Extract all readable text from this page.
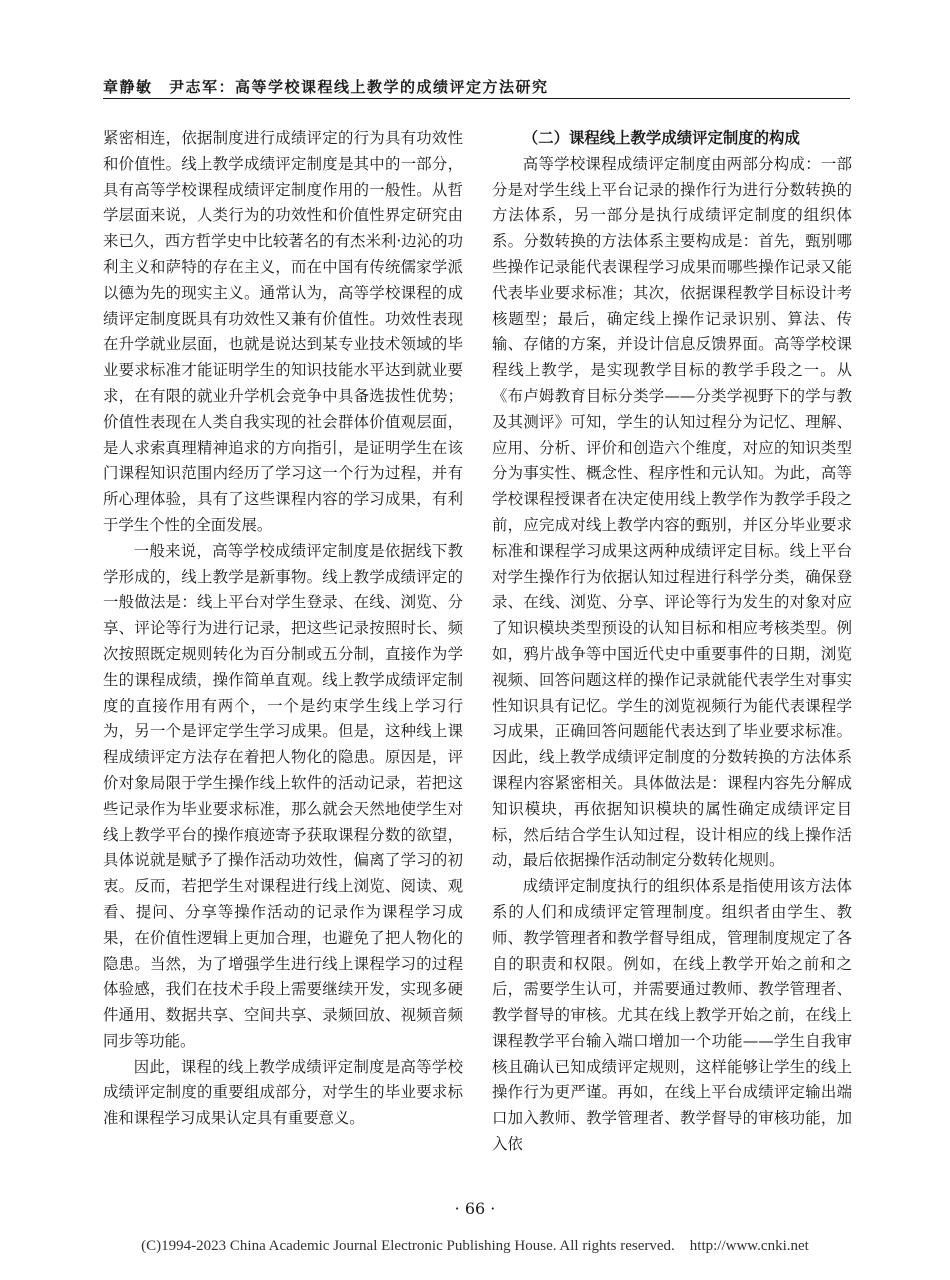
章静敏　尹志军：高等学校课程线上教学的成绩评定方法研究

紧密相连，依据制度进行成绩评定的行为具有功效性和价值性。线上教学成绩评定制度是其中的一部分，具有高等学校课程成绩评定制度作用的一般性。从哲学层面来说，人类行为的功效性和价值性界定研究由来已久，西方哲学史中比较著名的有杰米利·边沁的功利主义和萨特的存在主义，而在中国有传统儒家学派以德为先的现实主义。通常认为，高等学校课程的成绩评定制度既具有功效性又兼有价值性。功效性表现在升学就业层面，也就是说达到某专业技术领域的毕业要求标准才能证明学生的知识技能水平达到就业要求，在有限的就业升学机会竞争中具备选拔性优势；价值性表现在人类自我实现的社会群体价值观层面，是人求索真理精神追求的方向指引，是证明学生在该门课程知识范围内经历了学习这一个行为过程，并有所心理体验，具有了这些课程内容的学习成果，有利于学生个性的全面发展。

一般来说，高等学校成绩评定制度是依据线下教学形成的，线上教学是新事物。线上教学成绩评定的一般做法是：线上平台对学生登录、在线、浏览、分享、评论等行为进行记录，把这些记录按照时长、频次按照既定规则转化为百分制或五分制，直接作为学生的课程成绩，操作简单直观。线上教学成绩评定制度的直接作用有两个，一个是约束学生线上学习行为，另一个是评定学生学习成果。但是，这种线上课程成绩评定方法存在着把人物化的隐患。原因是，评价对象局限于学生操作线上软件的活动记录，若把这些记录作为毕业要求标准，那么就会天然地使学生对线上教学平台的操作痕迹寄予获取课程分数的欲望，具体说就是赋予了操作活动功效性，偏离了学习的初衷。反而，若把学生对课程进行线上浏览、阅读、观看、提问、分享等操作活动的记录作为课程学习成果，在价值性逻辑上更加合理，也避免了把人物化的隐患。当然，为了增强学生进行线上课程学习的过程体验感，我们在技术手段上需要继续开发，实现多硬件通用、数据共享、空间共享、录频回放、视频音频同步等功能。

因此，课程的线上教学成绩评定制度是高等学校成绩评定制度的重要组成部分，对学生的毕业要求标准和课程学习成果认定具有重要意义。

（二）课程线上教学成绩评定制度的构成

高等学校课程成绩评定制度由两部分构成：一部分是对学生线上平台记录的操作行为进行分数转换的方法体系，另一部分是执行成绩评定制度的组织体系。分数转换的方法体系主要构成是：首先，甄别哪些操作记录能代表课程学习成果而哪些操作记录又能代表毕业要求标准；其次，依据课程教学目标设计考核题型；最后，确定线上操作记录识别、算法、传输、存储的方案，并设计信息反馈界面。高等学校课程线上教学，是实现教学目标的教学手段之一。从《布卢姆教育目标分类学——分类学视野下的学与教及其测评》可知，学生的认知过程分为记忆、理解、应用、分析、评价和创造六个维度，对应的知识类型分为事实性、概念性、程序性和元认知。为此，高等学校课程授课者在决定使用线上教学作为教学手段之前，应完成对线上教学内容的甄别，并区分毕业要求标准和课程学习成果这两种成绩评定目标。线上平台对学生操作行为依据认知过程进行科学分类，确保登录、在线、浏览、分享、评论等行为发生的对象对应了知识模块类型预设的认知目标和相应考核类型。例如，鸦片战争等中国近代史中重要事件的日期，浏览视频、回答问题这样的操作记录就能代表学生对事实性知识具有记忆。学生的浏览视频行为能代表课程学习成果，正确回答问题能代表达到了毕业要求标准。因此，线上教学成绩评定制度的分数转换的方法体系课程内容紧密相关。具体做法是：课程内容先分解成知识模块，再依据知识模块的属性确定成绩评定目标，然后结合学生认知过程，设计相应的线上操作活动，最后依据操作活动制定分数转化规则。

成绩评定制度执行的组织体系是指使用该方法体系的人们和成绩评定管理制度。组织者由学生、教师、教学管理者和教学督导组成，管理制度规定了各自的职责和权限。例如，在线上教学开始之前和之后，需要学生认可，并需要通过教师、教学管理者、教学督导的审核。尤其在线上教学开始之前，在线上课程教学平台输入端口增加一个功能——学生自我审核且确认已知成绩评定规则，这样能够让学生的线上操作行为更严谨。再如，在线上平台成绩评定输出端口加入教师、教学管理者、教学督导的审核功能，加入依

· 66 ·
(C)1994-2023 China Academic Journal Electronic Publishing House. All rights reserved.　http://www.cnki.net
